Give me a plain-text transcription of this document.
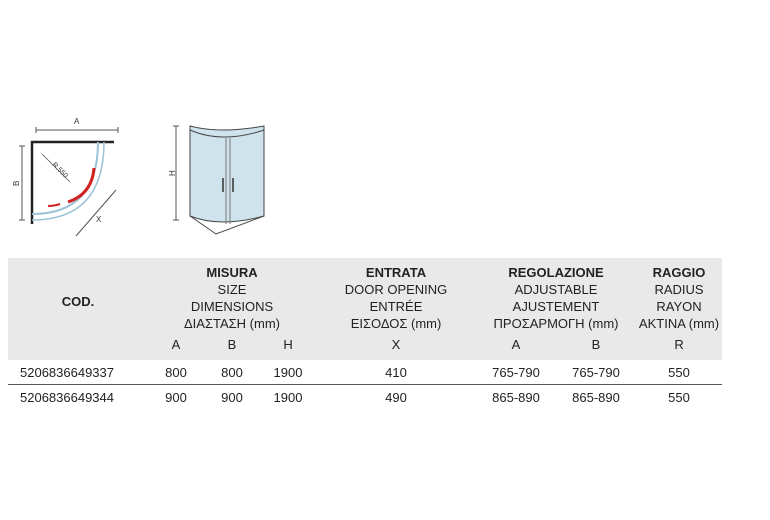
A
B
R.550
X
H
COD.	MISURA
SIZE
DIMENSIONS
ΔΙΑΣΤΑΣΗ (mm)			ENTRATA
DOOR OPENING
ENTRÉE
ΕΙΣΟΔΟΣ (mm)	REGOLAZIONE
ADJUSTABLE
AJUSTEMENT
ΠΡΟΣΑΡΜΟΓΗ (mm)		RAGGIO
RADIUS
RAYON
AKTINA (mm)

	A	B	H	X	A	B	R
5206836649337	800	800	1900	410	765-790	765-790	550
5206836649344	900	900	1900	490	865-890	865-890	550
